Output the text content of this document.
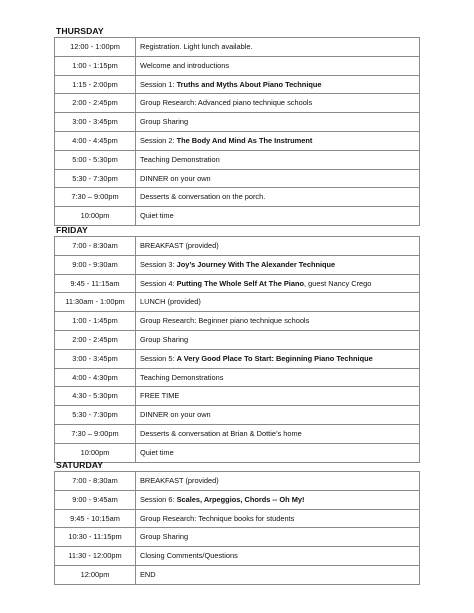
THURSDAY
12:00 - 1:00pm	Registration. Light lunch available.
1:00 - 1:15pm	Welcome and introductions
1:15 - 2:00pm	Session 1: Truths and Myths About Piano Technique
2:00 - 2:45pm	Group Research: Advanced piano technique schools
3:00 - 3:45pm	Group Sharing
4:00 - 4:45pm	Session 2: The Body And Mind As The Instrument
5:00 - 5:30pm	Teaching Demonstration
5:30 - 7:30pm	DINNER on your own
7:30 – 9:00pm	Desserts & conversation on the porch.
10:00pm	Quiet time
FRIDAY
7:00 - 8:30am	BREAKFAST (provided)
9:00 - 9:30am	Session 3: Joy’s Journey With The Alexander Technique
9:45 - 11:15am	Session 4: Putting The Whole Self At The Piano, guest Nancy Crego
11:30am - 1:00pm	LUNCH (provided)
1:00 - 1:45pm	Group Research: Beginner piano technique schools
2:00 - 2:45pm	Group Sharing
3:00 - 3:45pm	Session 5: A Very Good Place To Start: Beginning Piano Technique
4:00 - 4:30pm	Teaching Demonstrations
4:30 - 5:30pm	FREE TIME
5:30 - 7:30pm	DINNER on your own
7:30 – 9:00pm	Desserts & conversation at Brian & Dottie’s home
10:00pm	Quiet time
SATURDAY
7:00 - 8:30am	BREAKFAST (provided)
9:00 - 9:45am	Session 6: Scales, Arpeggios, Chords -- Oh My!
9:45 - 10:15am	Group Research: Technique books for students
10:30 - 11:15pm	Group Sharing
11:30 - 12:00pm	Closing Comments/Questions
12:00pm	END
